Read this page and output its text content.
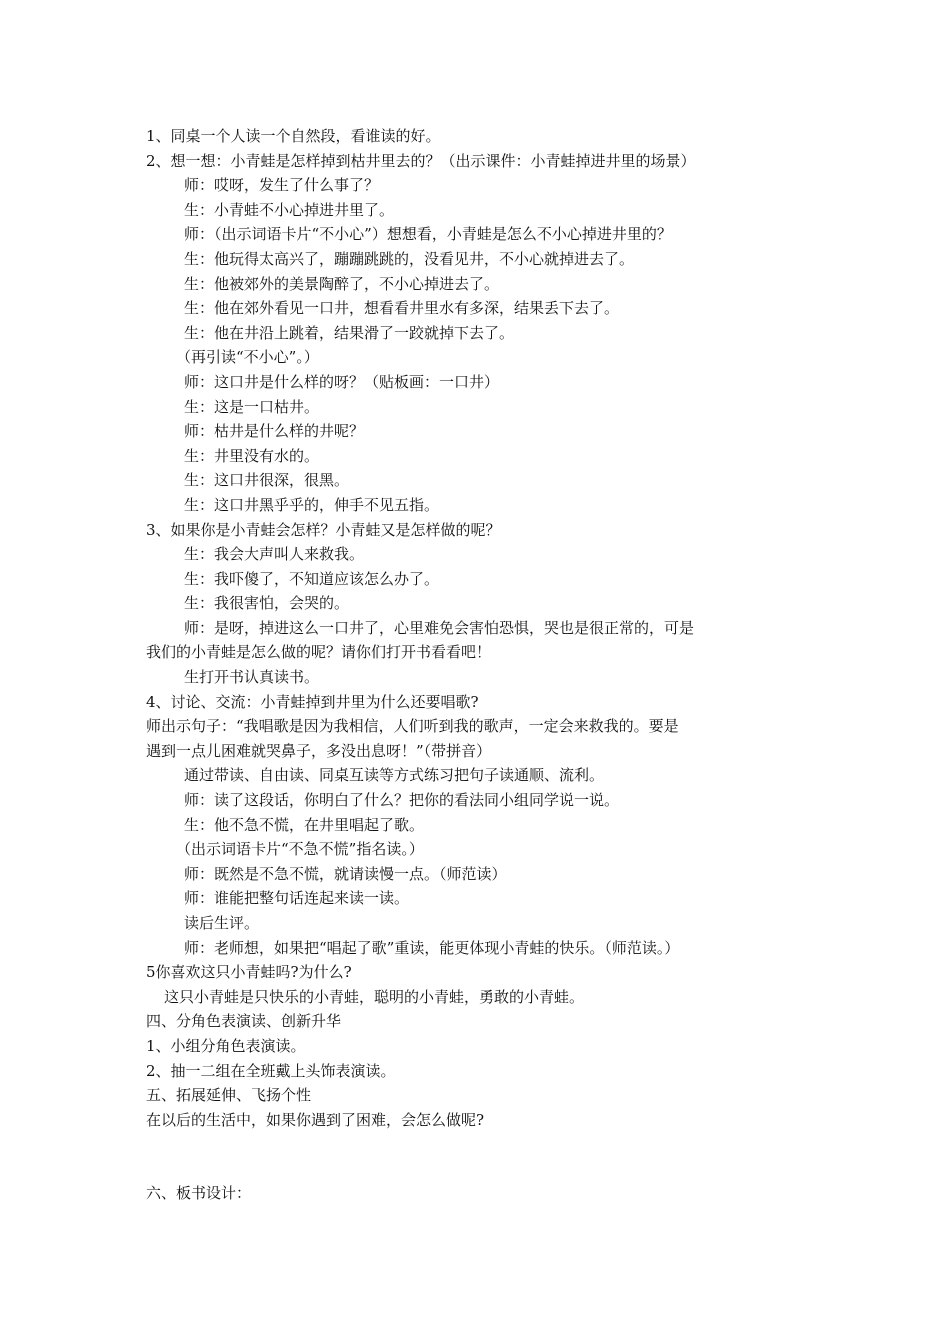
1、同桌一个人读一个自然段，看谁读的好。
2、想一想：小青蛙是怎样掉到枯井里去的？（出示课件：小青蛙掉进井里的场景）
师：哎呀，发生了什么事了？
生：小青蛙不小心掉进井里了。
师：（出示词语卡片“不小心”）想想看，小青蛙是怎么不小心掉进井里的？
生：他玩得太高兴了，蹦蹦跳跳的，没看见井，不小心就掉进去了。
生：他被郊外的美景陶醉了，不小心掉进去了。
生：他在郊外看见一口井，想看看井里水有多深，结果丢下去了。
生：他在井沿上跳着，结果滑了一跤就掉下去了。
（再引读“不小心”。）
师：这口井是什么样的呀？（贴板画：一口井）
生：这是一口枯井。
师：枯井是什么样的井呢？
生：井里没有水的。
生：这口井很深，很黑。
生：这口井黑乎乎的，伸手不见五指。
3、如果你是小青蛙会怎样？小青蛙又是怎样做的呢？
生：我会大声叫人来救我。
生：我吓傻了，不知道应该怎么办了。
生：我很害怕，会哭的。
师：是呀，掉进这么一口井了，心里难免会害怕恐惧，哭也是很正常的，可是
我们的小青蛙是怎么做的呢？请你们打开书看看吧！
生打开书认真读书。
4、讨论、交流：小青蛙掉到井里为什么还要唱歌?
师出示句子：“我唱歌是因为我相信，人们听到我的歌声，一定会来救我的。要是
遇到一点儿困难就哭鼻子，多没出息呀！”（带拼音）
通过带读、自由读、同桌互读等方式练习把句子读通顺、流利。
师：读了这段话，你明白了什么？把你的看法同小组同学说一说。
生：他不急不慌，在井里唱起了歌。
（出示词语卡片“不急不慌”指名读。）
师：既然是不急不慌，就请读慢一点。（师范读）
师：谁能把整句话连起来读一读。
读后生评。
师：老师想，如果把“唱起了歌”重读，能更体现小青蛙的快乐。（师范读。）
5你喜欢这只小青蛙吗?为什么?
这只小青蛙是只快乐的小青蛙，聪明的小青蛙，勇敢的小青蛙。
四、分角色表演读、创新升华
1、小组分角色表演读。
2、抽一二组在全班戴上头饰表演读。
五、拓展延伸、飞扬个性
在以后的生活中，如果你遇到了困难，会怎么做呢?
六、板书设计：
